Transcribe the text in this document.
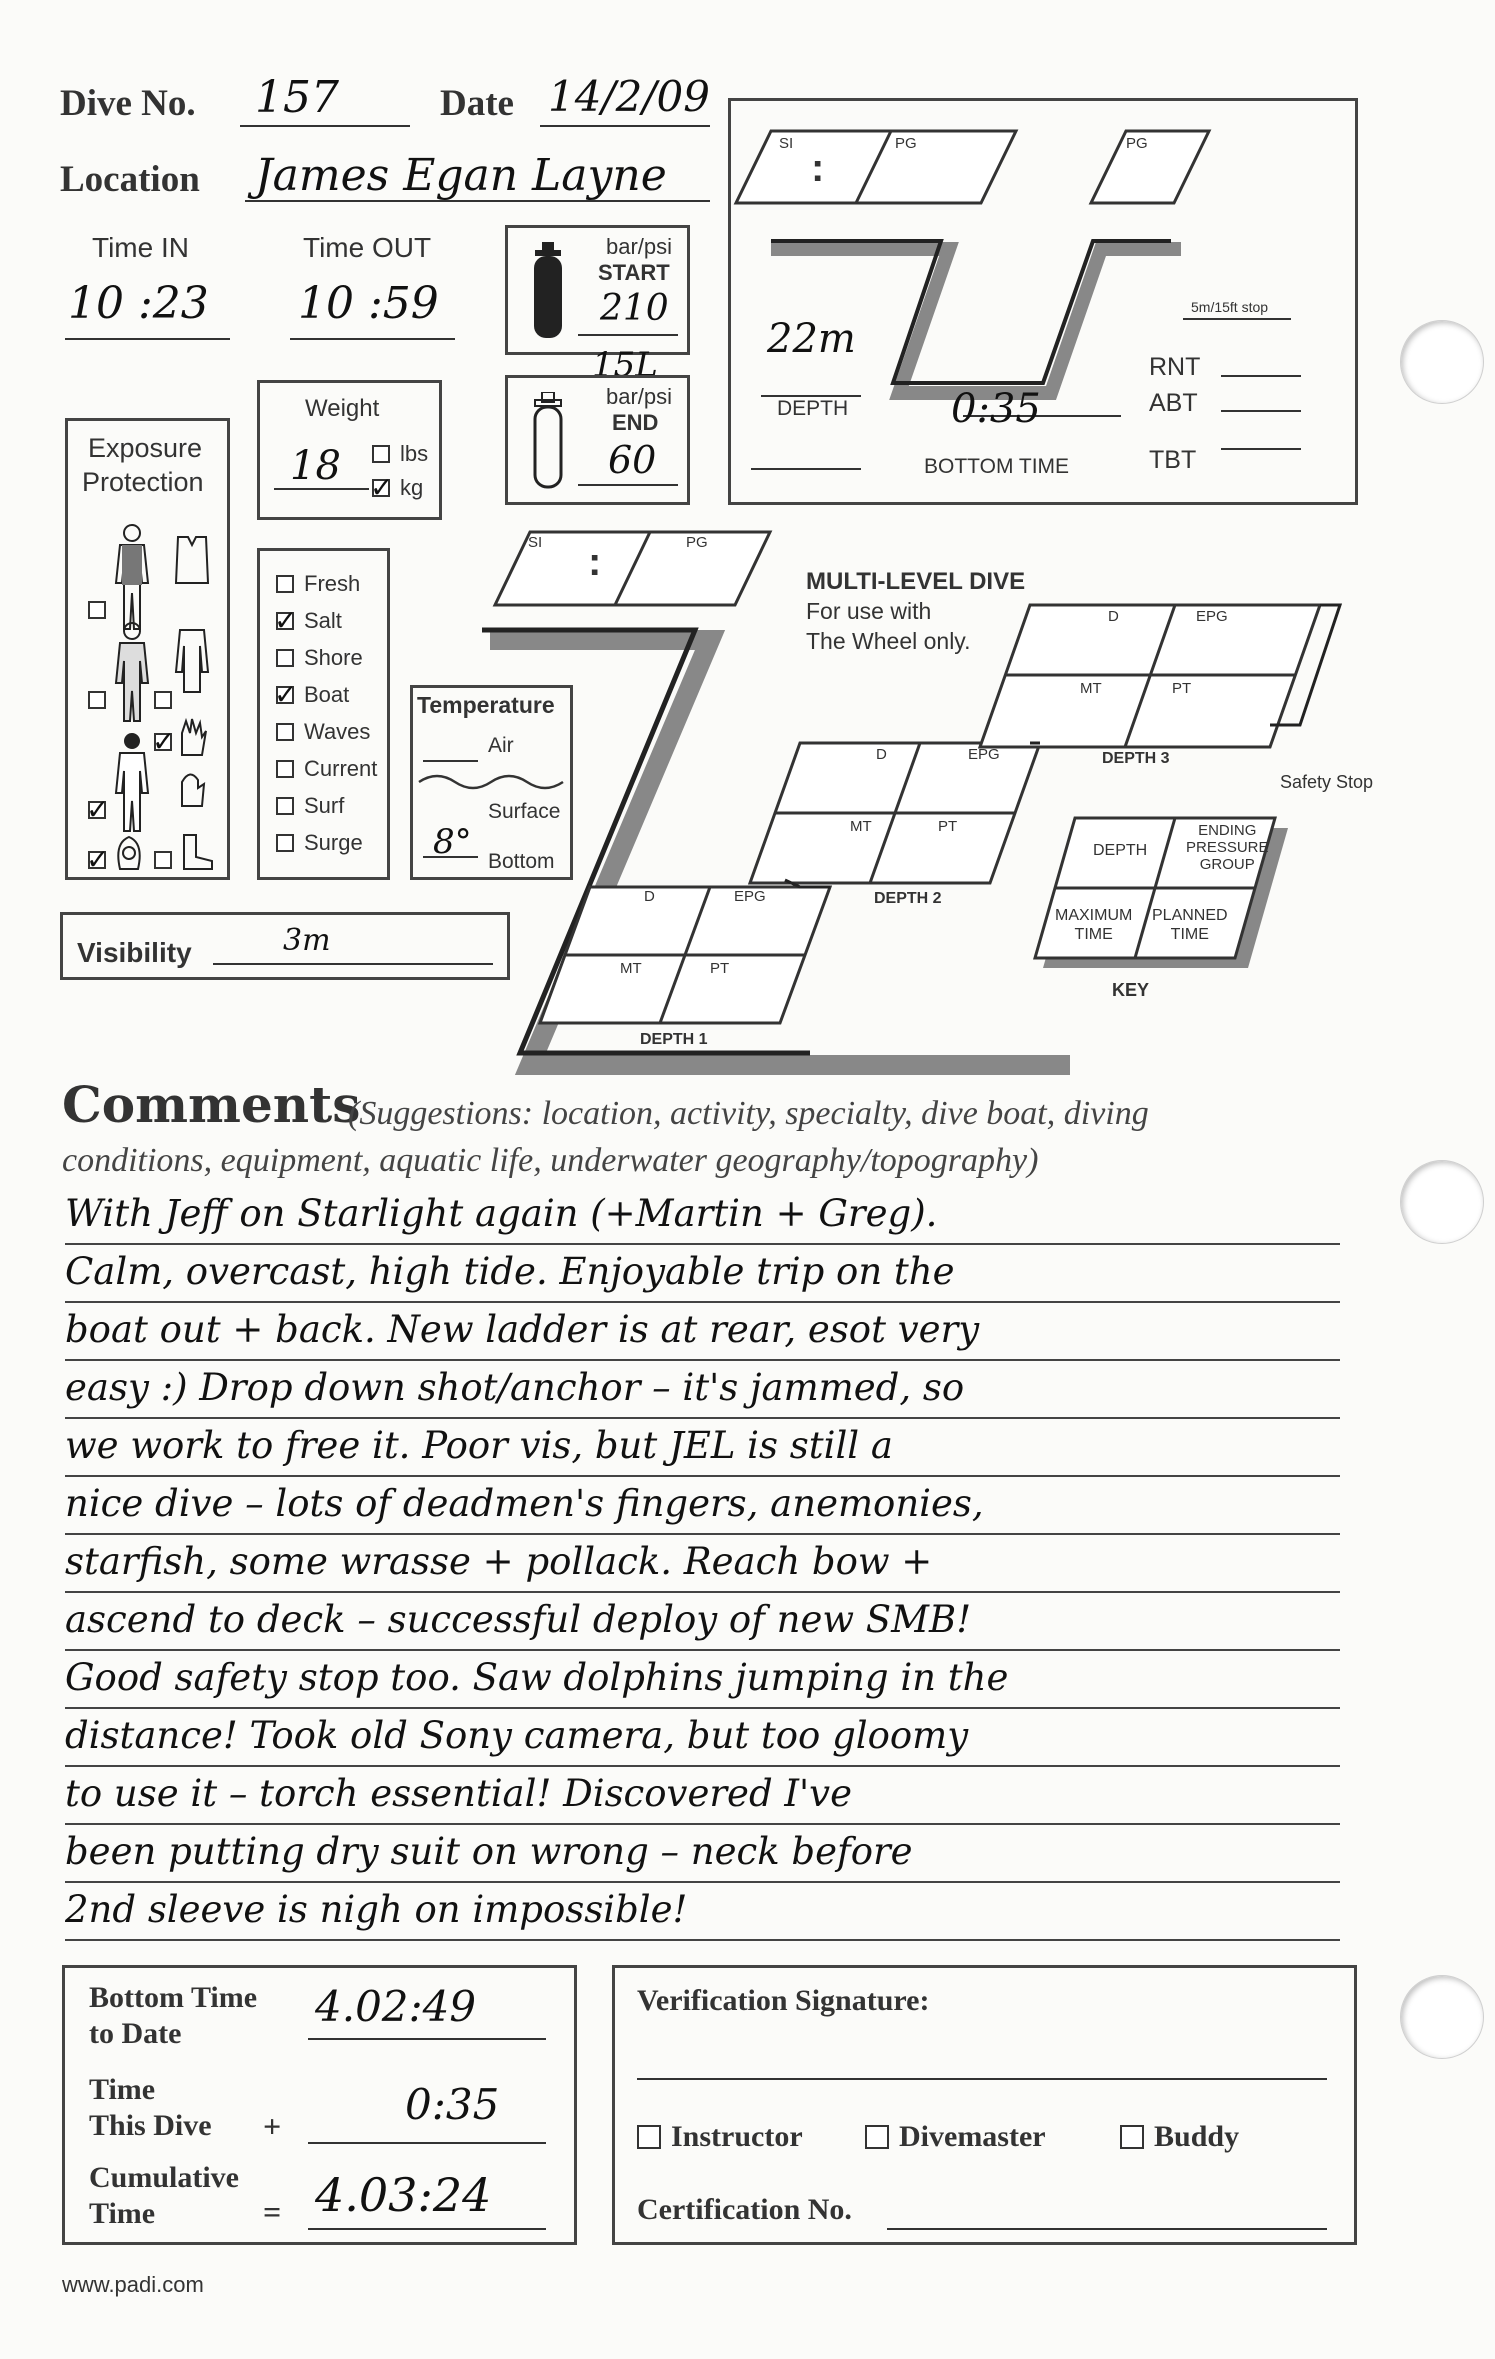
Dive No. 157	Date 14/2/09
Location James Egan Layne
Time IN
10 :23
Time OUT
10 :59
bar/psi
START
210
15L
bar/psi
END
60
Weight
18	lbs
✓ kg
Exposure
Protection
✓
✓
✓
Fresh
✓ Salt
Shore
✓ Boat
Waves
Current
Surf
Surge
Temperature
Air
Surface
8° Bottom
Visibility	3m
SI
:
PG	PG
5m/15ft stop
22m
DEPTH	0:35
BOTTOM TIME
RNT
ABT
TBT
MULTI-LEVEL DIVE
For use with
The Wheel only.
SI :	PG
D	EPG
MT	PT
DEPTH 1
D	EPG
MT	PT
DEPTH 2
D	EPG
MT	PT
DEPTH 3
Safety Stop
DEPTH
ENDING
PRESSURE
GROUP
MAXIMUM
TIME
PLANNED
TIME
KEY
Comments
(Suggestions: location, activity, specialty, dive boat, diving
conditions, equipment, aquatic life, underwater geography/topography)
With Jeff on Starlight again (+Martin + Greg).
Calm, overcast, high tide. Enjoyable trip on the
boat out + back. New ladder is at rear, esot very
easy :) Drop down shot/anchor – it's jammed, so
we work to free it. Poor vis, but JEL is still a
nice dive – lots of deadmen's fingers, anemonies,
starfish, some wrasse + pollack. Reach bow +
ascend to deck – successful deploy of new SMB!
Good safety stop too. Saw dolphins jumping in the
distance! Took old Sony camera, but too gloomy
to use it – torch essential! Discovered I've
been putting dry suit on wrong – neck before
2nd sleeve is nigh on impossible!
Bottom Time
to Date
4.02:49
Time
This Dive +	0:35
Cumulative
Time	= 4.03:24
Verification Signature:
Instructor	Divemaster	Buddy
Certification No.
www.padi.com
